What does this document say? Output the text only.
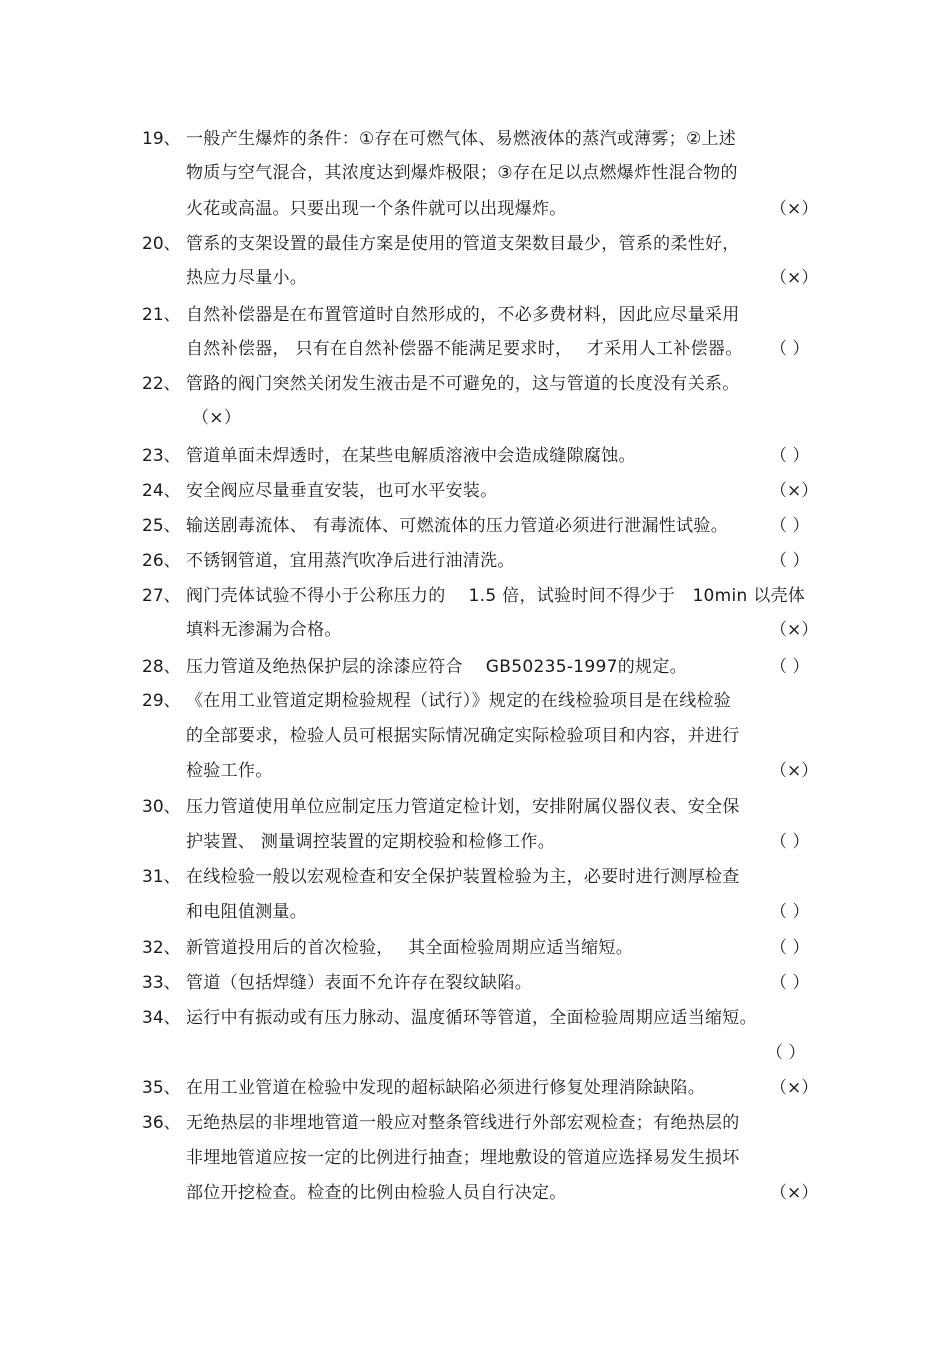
19、 一般产生爆炸的条件：①存在可燃气体、易燃液体的蒸汽或薄雾；②上述
物质与空气混合，其浓度达到爆炸极限；③存在足以点燃爆炸性混合物的
火花或高温。只要出现一个条件就可以出现爆炸。	（×）
20、 管系的支架设置的最佳方案是使用的管道支架数目最少，管系的柔性好，
热应力尽量小。	（×）
21、 自然补偿器是在布置管道时自然形成的，不必多费材料，因此应尽量采用
自然补偿器， 只有在自然补偿器不能满足要求时，　 才采用人工补偿器。 （ ）
22、 管路的阀门突然关闭发生液击是不可避免的，这与管道的长度没有关系。
（×）
23、 管道单面未焊透时，在某些电解质溶液中会造成缝隙腐蚀。	（ ）
24、 安全阀应尽量垂直安装，也可水平安装。	（×）
25、 输送剧毒流体、 有毒流体、可燃流体的压力管道必须进行泄漏性试验。 （ ）
26、 不锈钢管道，宜用蒸汽吹净后进行油清洗。	（ ）
27、 阀门壳体试验不得小于公称压力的　 1.5 倍，试验时间不得少于　10min 以壳体
填料无渗漏为合格。	（×）
28、 压力管道及绝热保护层的涂漆应符合　 GB50235-1997的规定。	（ ）
29、 《在用工业管道定期检验规程（试行）》规定的在线检验项目是在线检验
的全部要求，检验人员可根据实际情况确定实际检验项目和内容，并进行
检验工作。	（×）
30、 压力管道使用单位应制定压力管道定检计划，安排附属仪器仪表、安全保
护装置、 测量调控装置的定期校验和检修工作。	（ ）
31、 在线检验一般以宏观检查和安全保护装置检验为主，必要时进行测厚检查
和电阻值测量。	（ ）
32、 新管道投用后的首次检验，　 其全面检验周期应适当缩短。	（ ）
33、 管道（包括焊缝）表面不允许存在裂纹缺陷。	（ ）
34、 运行中有振动或有压力脉动、温度循环等管道，全面检验周期应适当缩短。
（ ）
35、 在用工业管道在检验中发现的超标缺陷必须进行修复处理消除缺陷。	（×）
36、 无绝热层的非埋地管道一般应对整条管线进行外部宏观检查；有绝热层的
非埋地管道应按一定的比例进行抽查；埋地敷设的管道应选择易发生损坏
部位开挖检查。检查的比例由检验人员自行决定。	（×）
